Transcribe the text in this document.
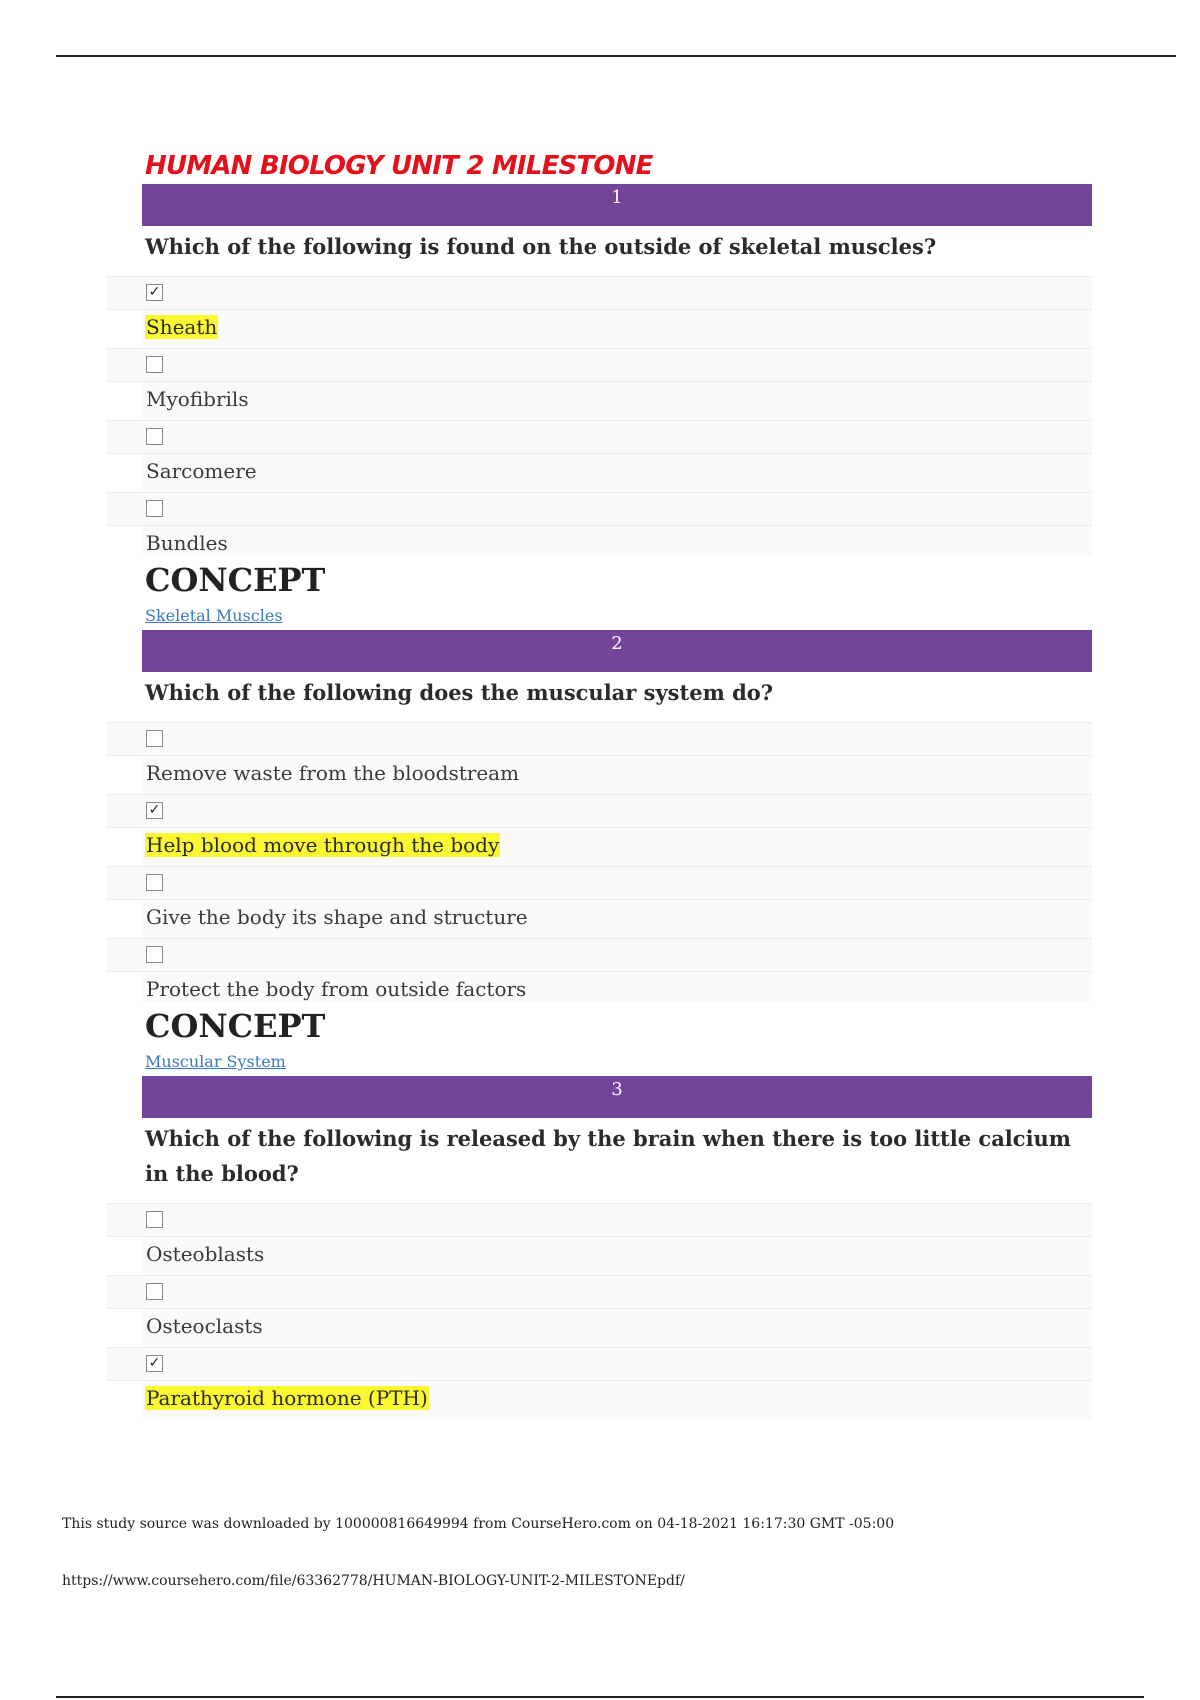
HUMAN BIOLOGY UNIT 2 MILESTONE
1
Which of the following is found on the outside of skeletal muscles?
✓
Sheath
Myofibrils
Sarcomere
Bundles
CONCEPT
Skeletal Muscles
2
Which of the following does the muscular system do?
Remove waste from the bloodstream
✓
Help blood move through the body
Give the body its shape and structure
Protect the body from outside factors
CONCEPT
Muscular System
3
Which of the following is released by the brain when there is too little calcium in the blood?
Osteoblasts
Osteoclasts
✓
Parathyroid hormone (PTH)
This study source was downloaded by 100000816649994 from CourseHero.com on 04-18-2021 16:17:30 GMT -05:00
https://www.coursehero.com/file/63362778/HUMAN-BIOLOGY-UNIT-2-MILESTONEpdf/
